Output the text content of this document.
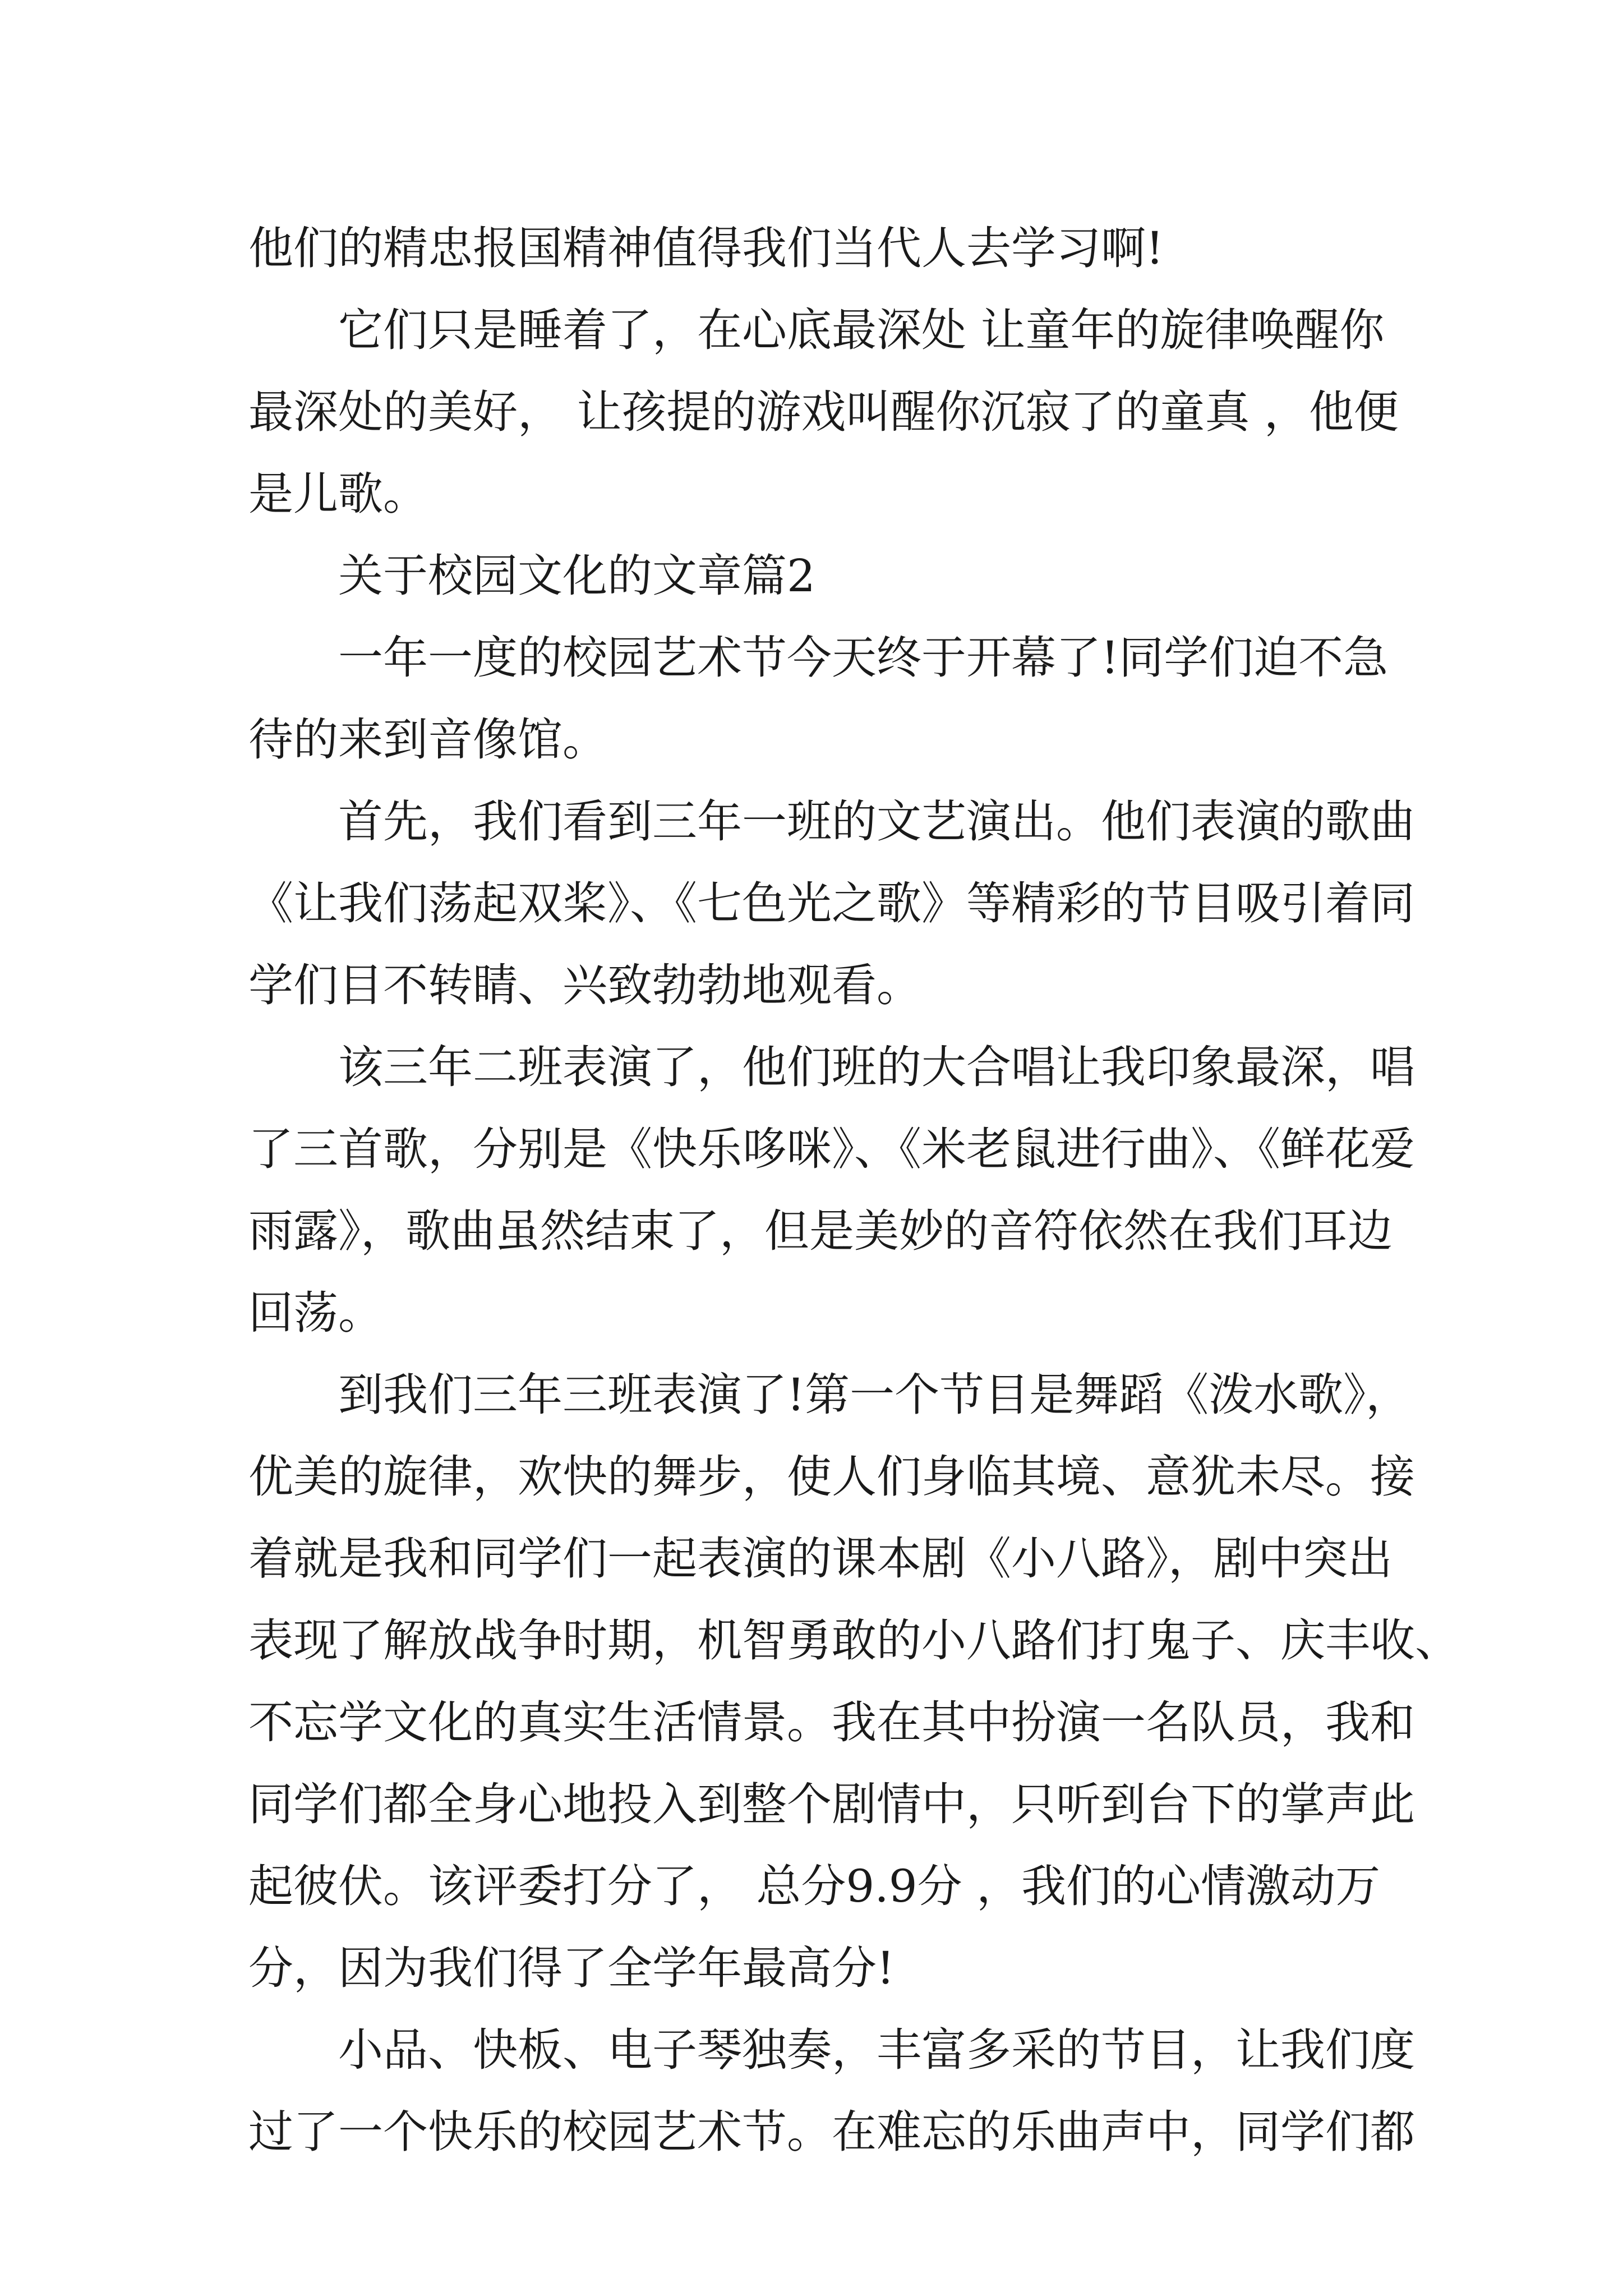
他们的精忠报国精神值得我们当代人去学习啊!
它们只是睡着了，在心底最深处 让童年的旋律唤醒你
最深处的美好， 让孩提的游戏叫醒你沉寂了的童真 ，他便
是儿歌。
关于校园文化的文章篇2
一年一度的校园艺术节今天终于开幕了!同学们迫不急
待的来到音像馆。
首先，我们看到三年一班的文艺演出。他们表演的歌曲
《让我们荡起双桨》、《七色光之歌》等精彩的节目吸引着同
学们目不转睛、兴致勃勃地观看。
该三年二班表演了，他们班的大合唱让我印象最深，唱
了三首歌，分别是《快乐哆咪》、《米老鼠进行曲》、《鲜花爱
雨露》，歌曲虽然结束了，但是美妙的音符依然在我们耳边
回荡。
到我们三年三班表演了!第一个节目是舞蹈《泼水歌》，
优美的旋律，欢快的舞步，使人们身临其境、意犹未尽。接
着就是我和同学们一起表演的课本剧《小八路》，剧中突出
表现了解放战争时期，机智勇敢的小八路们打鬼子、庆丰收、
不忘学文化的真实生活情景。我在其中扮演一名队员，我和
同学们都全身心地投入到整个剧情中，只听到台下的掌声此
起彼伏。该评委打分了， 总分9.9分 ，我们的心情激动万
分，因为我们得了全学年最高分!
小品、快板、电子琴独奏，丰富多采的节目，让我们度
过了一个快乐的校园艺术节。在难忘的乐曲声中，同学们都
